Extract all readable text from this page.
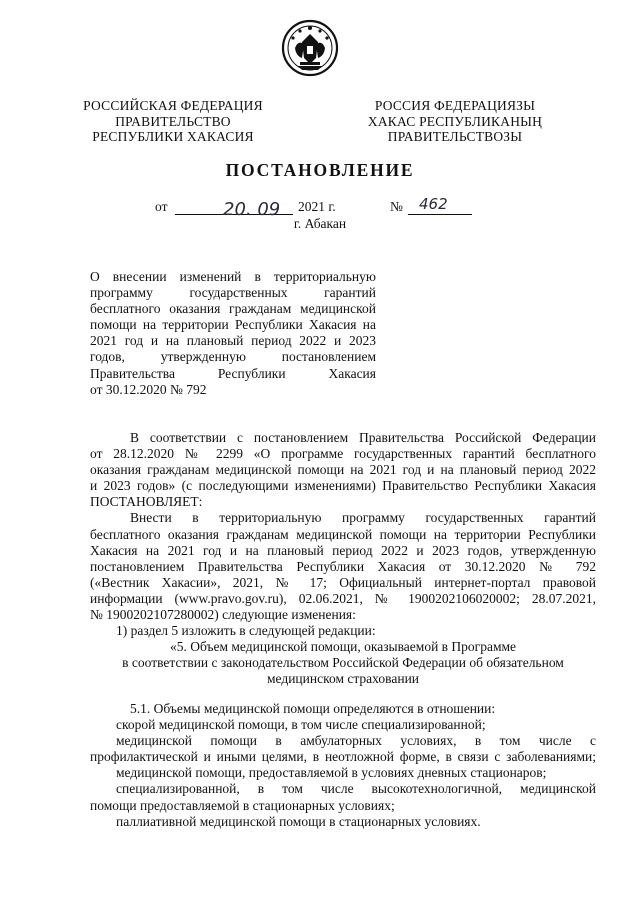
РОССИЙСКАЯ ФЕДЕРАЦИЯ
ПРАВИТЕЛЬСТВО
РЕСПУБЛИКИ ХАКАСИЯ
РОССИЯ ФЕДЕРАЦИЯЗЫ
ХАКАС РЕСПУБЛИКАНЫҢ
ПРАВИТЕЛЬСТВОЗЫ
ПОСТАНОВЛЕНИЕ
от	20. 09 2021 г.	№ 462
г. Абакан
О внесении изменений в территориальную
программу государственных гарантий
бесплатного оказания гражданам медицинской
помощи на территории Республики Хакасия на
2021 год и на плановый период 2022 и 2023
годов, утвержденную постановлением
Правительства Республики Хакасия
от 30.12.2020 № 792
В соответствии с постановлением Правительства Российской Федерации
от 28.12.2020 № 2299 «О программе государственных гарантий бесплатного
оказания гражданам медицинской помощи на 2021 год и на плановый период 2022
и 2023 годов» (с последующими изменениями) Правительство Республики Хакасия
ПОСТАНОВЛЯЕТ:
Внести в территориальную программу государственных гарантий
бесплатного оказания гражданам медицинской помощи на территории Республики
Хакасия на 2021 год и на плановый период 2022 и 2023 годов, утвержденную
постановлением Правительства Республики Хакасия от 30.12.2020 № 792
(«Вестник Хакасии», 2021, № 17; Официальный интернет-портал правовой
информации (www.pravo.gov.ru), 02.06.2021, № 1900202106020002; 28.07.2021,
№ 1900202107280002) следующие изменения:
1) раздел 5 изложить в следующей редакции:
«5. Объем медицинской помощи, оказываемой в Программе
в соответствии с законодательством Российской Федерации об обязательном
медицинском страховании
5.1. Объемы медицинской помощи определяются в отношении:
скорой медицинской помощи, в том числе специализированной;
медицинской помощи в амбулаторных условиях, в том числе с
профилактической и иными целями, в неотложной форме, в связи с заболеваниями;
медицинской помощи, предоставляемой в условиях дневных стационаров;
специализированной, в том числе высокотехнологичной, медицинской
помощи предоставляемой в стационарных условиях;
паллиативной медицинской помощи в стационарных условиях.
